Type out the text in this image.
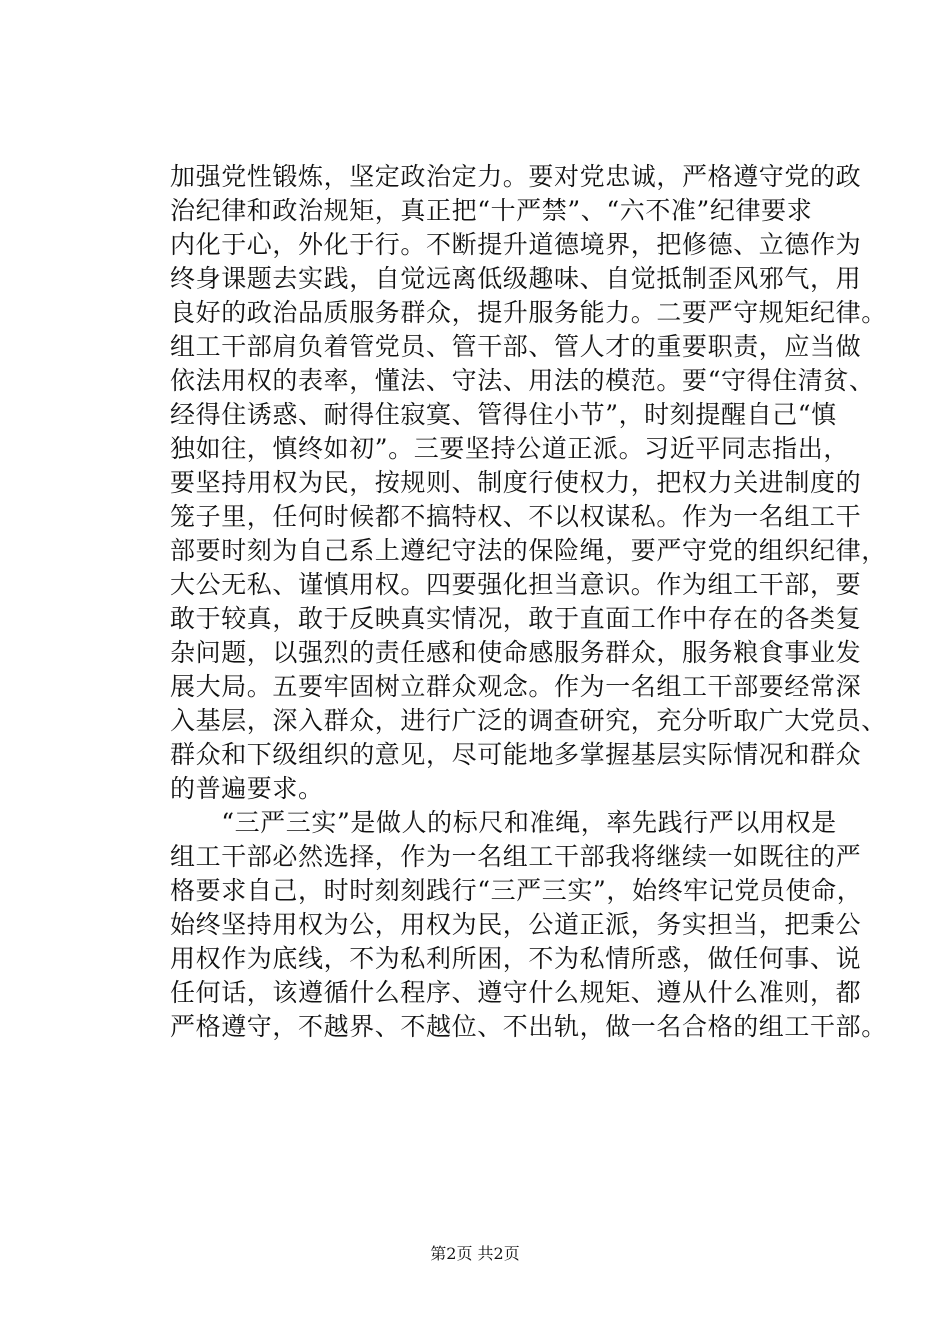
加强党性锻炼，坚定政治定力。要对党忠诚，严格遵守党的政
治纪律和政治规矩，真正把“十严禁”、“六不准”纪律要求
内化于心，外化于行。不断提升道德境界，把修德、立德作为
终身课题去实践，自觉远离低级趣味、自觉抵制歪风邪气，用
良好的政治品质服务群众，提升服务能力。二要严守规矩纪律。
组工干部肩负着管党员、管干部、管人才的重要职责，应当做
依法用权的表率，懂法、守法、用法的模范。要“守得住清贫、
经得住诱惑、耐得住寂寞、管得住小节”，时刻提醒自己“慎
独如往，慎终如初”。三要坚持公道正派。习近平同志指出，
要坚持用权为民，按规则、制度行使权力，把权力关进制度的
笼子里，任何时候都不搞特权、不以权谋私。作为一名组工干
部要时刻为自己系上遵纪守法的保险绳，要严守党的组织纪律，
大公无私、谨慎用权。四要强化担当意识。作为组工干部，要
敢于较真，敢于反映真实情况，敢于直面工作中存在的各类复
杂问题，以强烈的责任感和使命感服务群众，服务粮食事业发
展大局。五要牢固树立群众观念。作为一名组工干部要经常深
入基层，深入群众，进行广泛的调查研究，充分听取广大党员、
群众和下级组织的意见，尽可能地多掌握基层实际情况和群众
的普遍要求。
　　“三严三实”是做人的标尺和准绳，率先践行严以用权是
组工干部必然选择，作为一名组工干部我将继续一如既往的严
格要求自己，时时刻刻践行“三严三实”，始终牢记党员使命，
始终坚持用权为公，用权为民，公道正派，务实担当，把秉公
用权作为底线，不为私利所困，不为私情所惑，做任何事、说
任何话，该遵循什么程序、遵守什么规矩、遵从什么准则，都
严格遵守，不越界、不越位、不出轨，做一名合格的组工干部。
第2页 共2页
